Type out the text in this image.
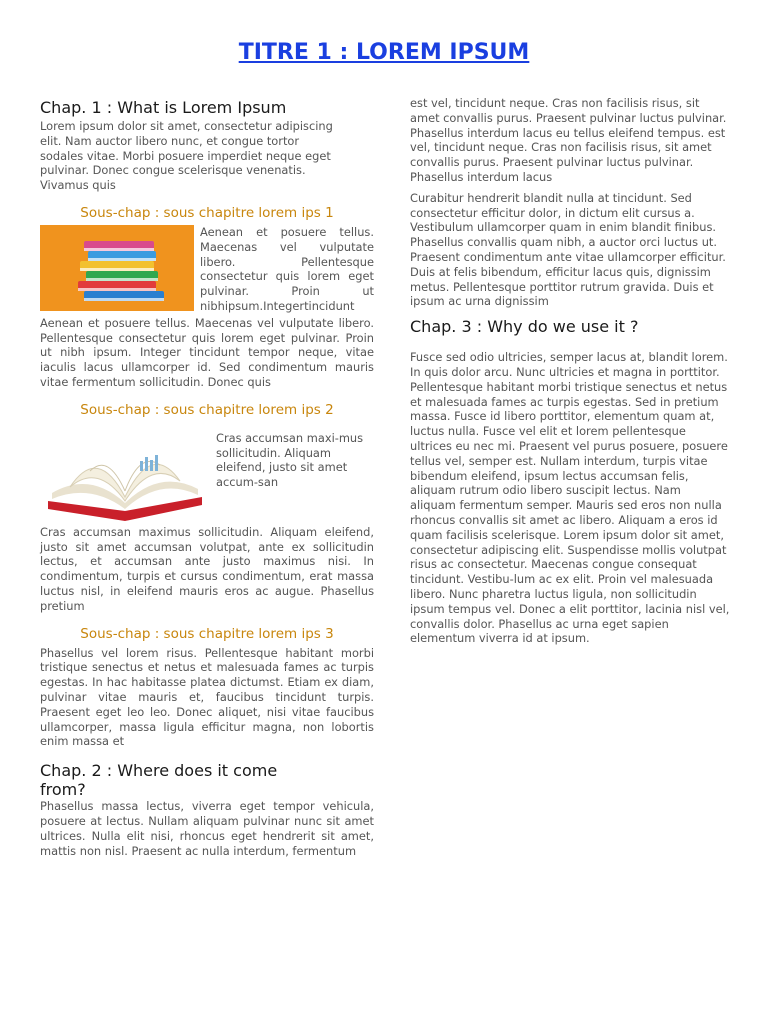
TITRE 1 : LOREM IPSUM
Chap. 1 : What is Lorem Ipsum
Lorem ipsum dolor sit amet, consectetur adipiscing elit. Nam auctor libero nunc, et congue tortor sodales vitae. Morbi posuere imperdiet neque eget pulvinar. Donec congue scelerisque venenatis. Vivamus quis
Sous-chap : sous chapitre lorem ips 1
Aenean et posuere tellus. Maecenas vel vulputate libero. Pellentesque consectetur quis lorem eget pulvinar. Proin ut nibhipsum.Integertincidunt
Aenean et posuere tellus. Maecenas vel vulputate libero. Pellentesque consectetur quis lorem eget pulvinar. Proin ut nibh ipsum. Integer tincidunt tempor neque, vitae iaculis lacus ullamcorper id. Sed condimentum mauris vitae fermentum sollicitudin. Donec quis
Sous-chap : sous chapitre lorem ips 2
Cras accumsan maxi-mus sollicitudin. Aliquam eleifend, justo sit amet accum-san
Cras accumsan maximus sollicitudin. Aliquam eleifend, justo sit amet accumsan volutpat, ante ex sollicitudin lectus, et accumsan ante justo maximus nisi. In condimentum, turpis et cursus condimentum, erat massa luctus nisl, in eleifend mauris eros ac augue. Phasellus pretium
Sous-chap : sous chapitre lorem ips 3
Phasellus vel lorem risus. Pellentesque habitant morbi tristique senectus et netus et malesuada fames ac turpis egestas. In hac habitasse platea dictumst. Etiam ex diam, pulvinar vitae mauris et, faucibus tincidunt turpis. Praesent eget leo leo. Donec aliquet, nisi vitae faucibus ullamcorper, massa ligula efficitur magna, non lobortis enim massa et
Chap. 2 : Where does it come from?
Phasellus massa lectus, viverra eget tempor vehicula, posuere at lectus. Nullam aliquam pulvinar nunc sit amet ultrices. Nulla elit nisi, rhoncus eget hendrerit sit amet, mattis non nisl. Praesent ac nulla interdum, fermentum
est vel, tincidunt neque. Cras non facilisis risus, sit amet convallis purus. Praesent pulvinar luctus pulvinar. Phasellus interdum lacus eu tellus eleifend tempus. est vel, tincidunt neque. Cras non facilisis risus, sit amet convallis purus. Praesent pulvinar luctus pulvinar. Phasellus interdum lacus
Curabitur hendrerit blandit nulla at tincidunt. Sed consectetur efficitur dolor, in dictum elit cursus a. Vestibulum ullamcorper quam in enim blandit finibus. Phasellus convallis quam nibh, a auctor orci luctus ut. Praesent condimentum ante vitae ullamcorper efficitur. Duis at felis bibendum, efficitur lacus quis, dignissim metus. Pellentesque porttitor rutrum gravida. Duis et ipsum ac urna dignissim
Chap. 3 : Why do we use it ?
Fusce sed odio ultricies, semper lacus at, blandit lorem. In quis dolor arcu. Nunc ultricies et magna in porttitor. Pellentesque habitant morbi tristique senectus et netus et malesuada fames ac turpis egestas. Sed in pretium massa. Fusce id libero porttitor, elementum quam at, luctus nulla. Fusce vel elit et lorem pellentesque ultrices eu nec mi. Praesent vel purus posuere, posuere tellus vel, semper est. Nullam interdum, turpis vitae bibendum eleifend, ipsum lectus accumsan felis, aliquam rutrum odio libero suscipit lectus. Nam aliquam fermentum semper. Mauris sed eros non nulla rhoncus convallis sit amet ac libero. Aliquam a eros id quam facilisis scelerisque. Lorem ipsum dolor sit amet, consectetur adipiscing elit. Suspendisse mollis volutpat risus ac consectetur. Maecenas congue consequat tincidunt. Vestibu-lum ac ex elit. Proin vel malesuada libero. Nunc pharetra luctus ligula, non sollicitudin ipsum tempus vel. Donec a elit porttitor, lacinia nisl vel, convallis dolor. Phasellus ac urna eget sapien elementum viverra id at ipsum.
